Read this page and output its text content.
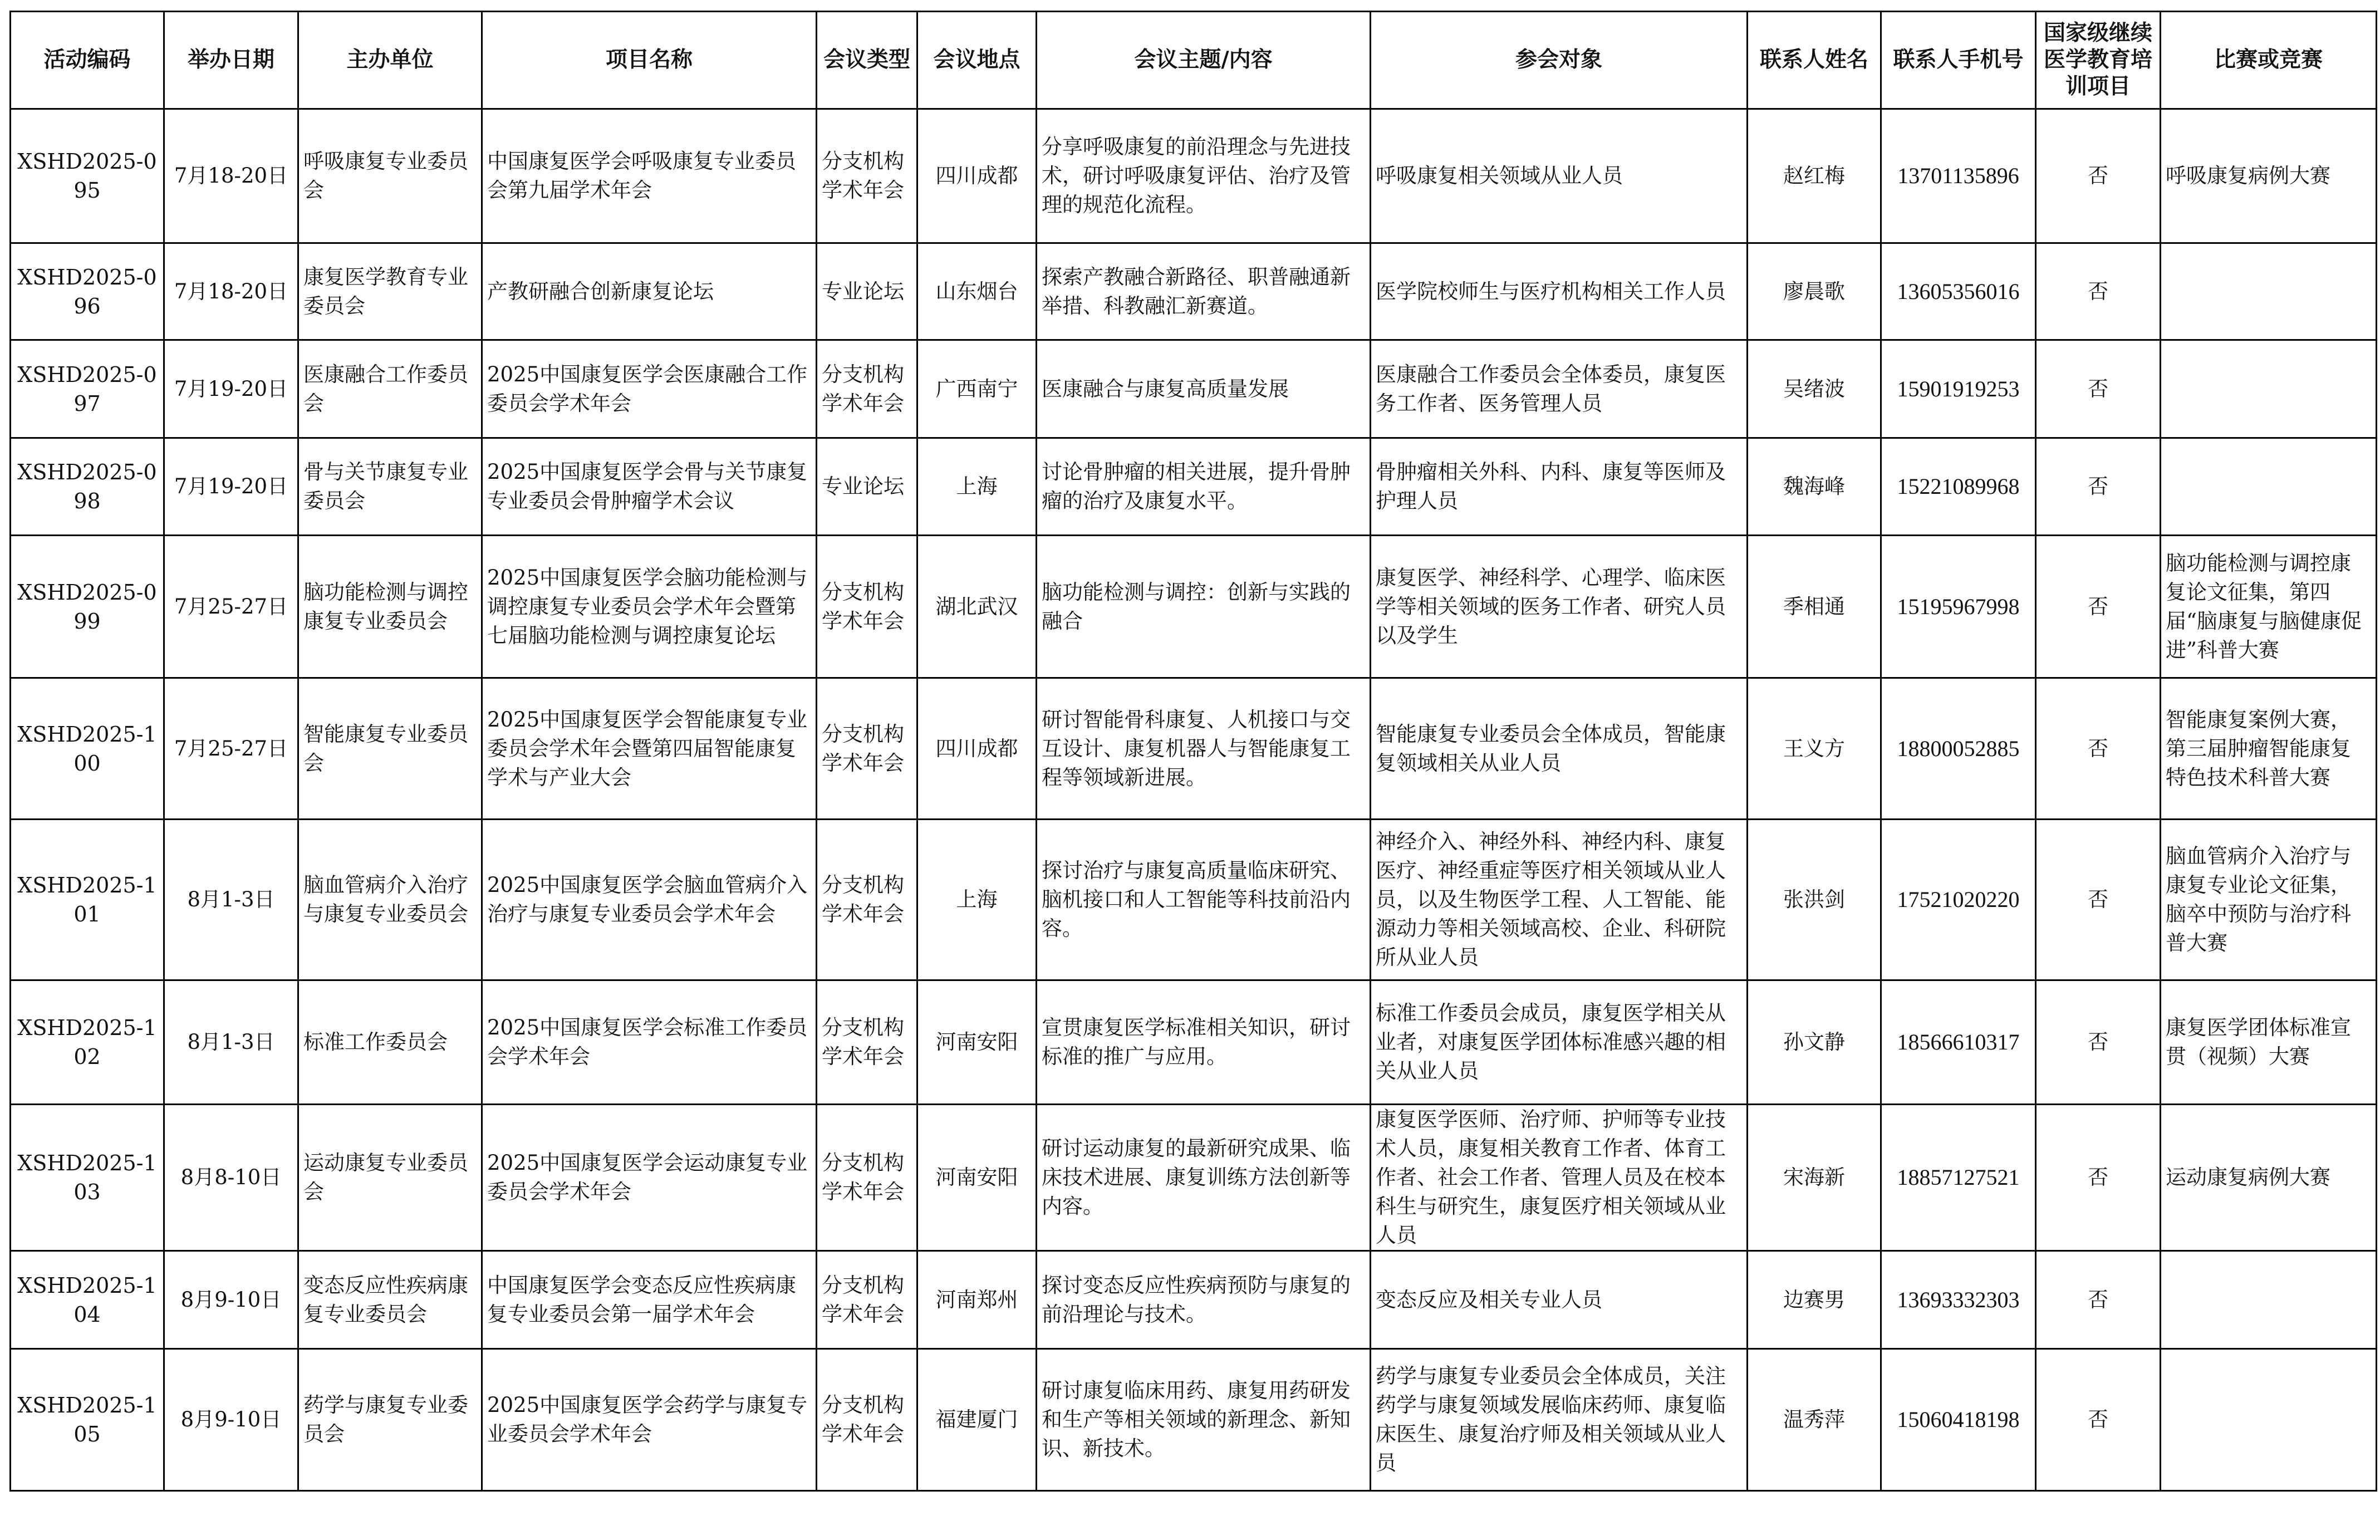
活动编码	举办日期	主办单位	项目名称	会议类型	会议地点	会议主题/内容	参会对象	联系人姓名	联系人手机号	国家级继续医学教育培训项目	比赛或竞赛
XSHD2025-095	7月18-20日	呼吸康复专业委员会	中国康复医学会呼吸康复专业委员会第九届学术年会	分支机构学术年会	四川成都	分享呼吸康复的前沿理念与先进技术，研讨呼吸康复评估、治疗及管理的规范化流程。	呼吸康复相关领域从业人员	赵红梅	13701135896	否	呼吸康复病例大赛
XSHD2025-096	7月18-20日	康复医学教育专业委员会	产教研融合创新康复论坛	专业论坛	山东烟台	探索产教融合新路径、职普融通新举措、科教融汇新赛道。	医学院校师生与医疗机构相关工作人员	廖晨歌	13605356016	否	
XSHD2025-097	7月19-20日	医康融合工作委员会	2025中国康复医学会医康融合工作委员会学术年会	分支机构学术年会	广西南宁	医康融合与康复高质量发展	医康融合工作委员会全体委员，康复医务工作者、医务管理人员	吴绪波	15901919253	否	
XSHD2025-098	7月19-20日	骨与关节康复专业委员会	2025中国康复医学会骨与关节康复专业委员会骨肿瘤学术会议	专业论坛	上海	讨论骨肿瘤的相关进展，提升骨肿瘤的治疗及康复水平。	骨肿瘤相关外科、内科、康复等医师及护理人员	魏海峰	15221089968	否	
XSHD2025-099	7月25-27日	脑功能检测与调控康复专业委员会	2025中国康复医学会脑功能检测与调控康复专业委员会学术年会暨第七届脑功能检测与调控康复论坛	分支机构学术年会	湖北武汉	脑功能检测与调控：创新与实践的融合	康复医学、神经科学、心理学、临床医学等相关领域的医务工作者、研究人员以及学生	季相通	15195967998	否	脑功能检测与调控康复论文征集，第四届“脑康复与脑健康促进”科普大赛
XSHD2025-100	7月25-27日	智能康复专业委员会	2025中国康复医学会智能康复专业委员会学术年会暨第四届智能康复学术与产业大会	分支机构学术年会	四川成都	研讨智能骨科康复、人机接口与交互设计、康复机器人与智能康复工程等领域新进展。	智能康复专业委员会全体成员，智能康复领域相关从业人员	王义方	18800052885	否	智能康复案例大赛，第三届肿瘤智能康复特色技术科普大赛
XSHD2025-101	8月1-3日	脑血管病介入治疗与康复专业委员会	2025中国康复医学会脑血管病介入治疗与康复专业委员会学术年会	分支机构学术年会	上海	探讨治疗与康复高质量临床研究、脑机接口和人工智能等科技前沿内容。	神经介入、神经外科、神经内科、康复医疗、神经重症等医疗相关领域从业人员，以及生物医学工程、人工智能、能源动力等相关领域高校、企业、科研院所从业人员	张洪剑	17521020220	否	脑血管病介入治疗与康复专业论文征集，脑卒中预防与治疗科普大赛
XSHD2025-102	8月1-3日	标准工作委员会	2025中国康复医学会标准工作委员会学术年会	分支机构学术年会	河南安阳	宣贯康复医学标准相关知识，研讨标准的推广与应用。	标准工作委员会成员，康复医学相关从业者，对康复医学团体标准感兴趣的相关从业人员	孙文静	18566610317	否	康复医学团体标准宣贯（视频）大赛
XSHD2025-103	8月8-10日	运动康复专业委员会	2025中国康复医学会运动康复专业委员会学术年会	分支机构学术年会	河南安阳	研讨运动康复的最新研究成果、临床技术进展、康复训练方法创新等内容。	康复医学医师、治疗师、护师等专业技术人员，康复相关教育工作者、体育工作者、社会工作者、管理人员及在校本科生与研究生，康复医疗相关领域从业人员	宋海新	18857127521	否	运动康复病例大赛
XSHD2025-104	8月9-10日	变态反应性疾病康复专业委员会	中国康复医学会变态反应性疾病康复专业委员会第一届学术年会	分支机构学术年会	河南郑州	探讨变态反应性疾病预防与康复的前沿理论与技术。	变态反应及相关专业人员	边赛男	13693332303	否	
XSHD2025-105	8月9-10日	药学与康复专业委员会	2025中国康复医学会药学与康复专业委员会学术年会	分支机构学术年会	福建厦门	研讨康复临床用药、康复用药研发和生产等相关领域的新理念、新知识、新技术。	药学与康复专业委员会全体成员，关注药学与康复领域发展临床药师、康复临床医生、康复治疗师及相关领域从业人员	温秀萍	15060418198	否	
